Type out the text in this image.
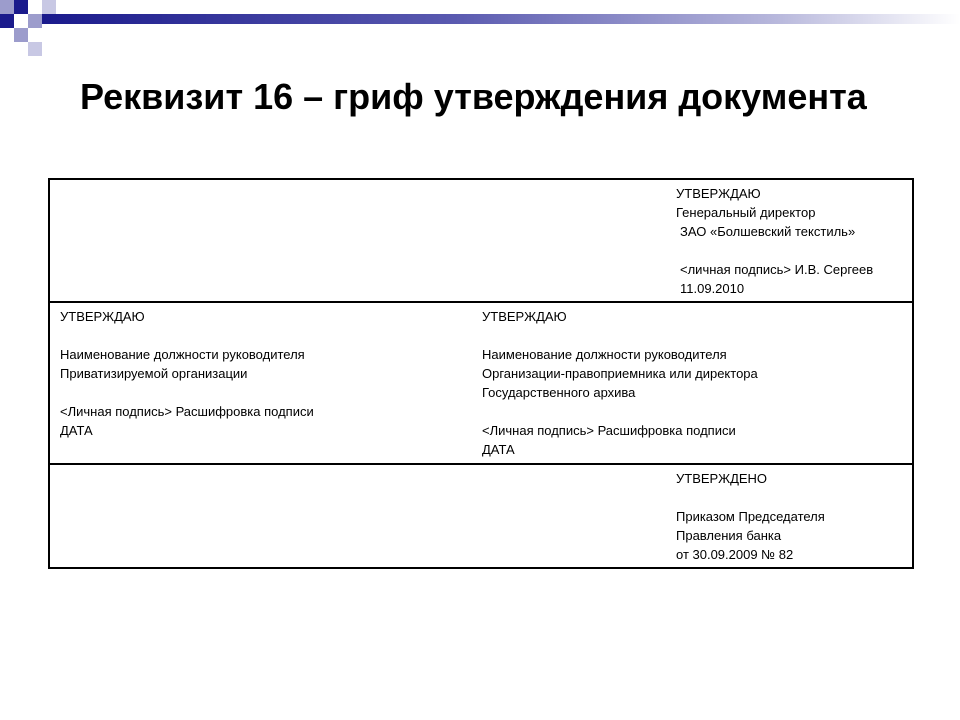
Реквизит 16 – гриф утверждения документа
УТВЕРЖДАЮ
Генеральный директор
ЗАО «Болшевский текстиль»
<личная подпись> И.В. Сергеев
11.09.2010

УТВЕРЖДАЮ
Наименование должности руководителя
Приватизируемой организации
<Личная подпись> Расшифровка подписи
ДАТА
УТВЕРЖДАЮ
Наименование должности руководителя
Организации-правоприемника или директора
Государственного архива
<Личная подпись> Расшифровка подписи
ДАТА

УТВЕРЖДЕНО
Приказом Председателя
Правления банка
от 30.09.2009 № 82
